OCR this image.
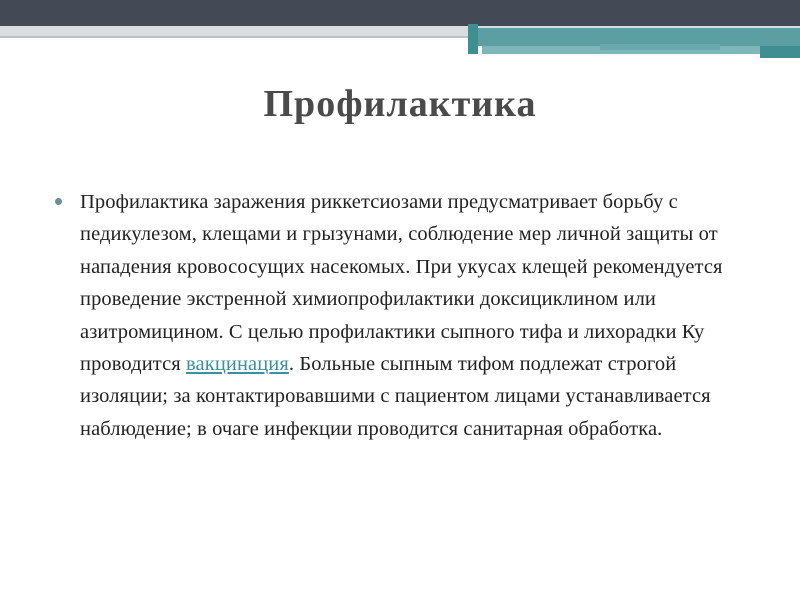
Профилактика
Профилактика заражения риккетсиозами предусматривает борьбу с педикулезом, клещами и грызунами, соблюдение мер личной защиты от нападения кровососущих насекомых. При укусах клещей рекомендуется проведение экстренной химиопрофилактики доксициклином или азитромицином. С целью профилактики сыпного тифа и лихорадки Ку проводится вакцинация. Больные сыпным тифом подлежат строгой изоляции; за контактировавшими с пациентом лицами устанавливается наблюдение; в очаге инфекции проводится санитарная обработка.
